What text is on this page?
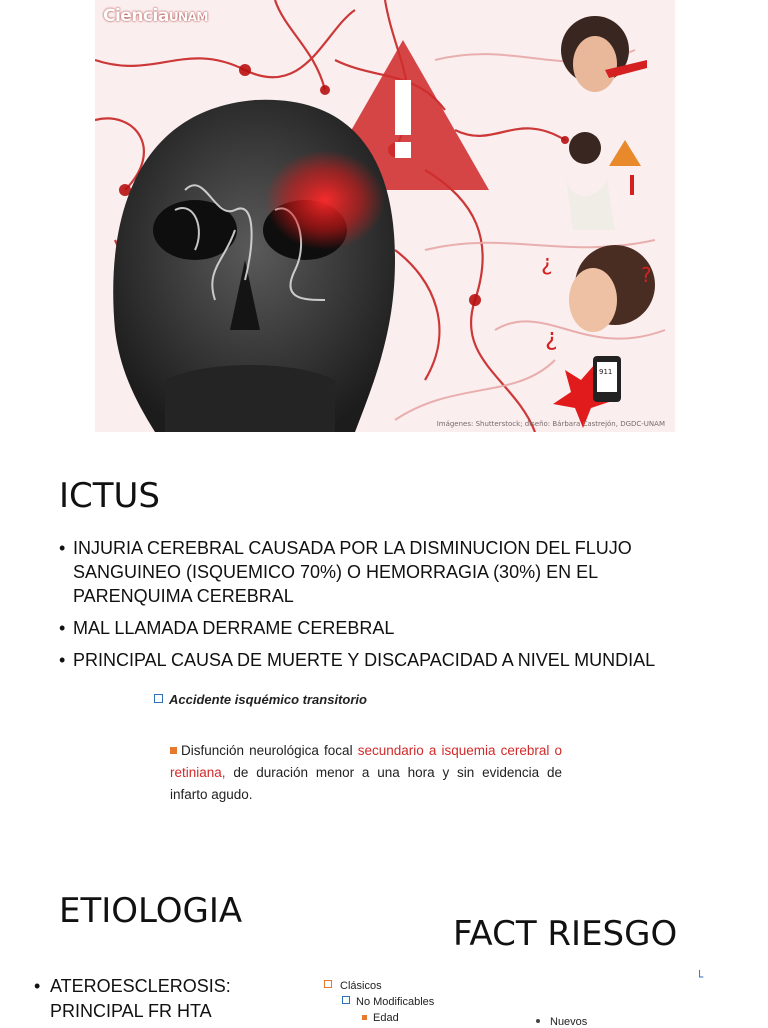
¿	?
¿
911
CienciaUNAM
Imágenes: Shutterstock; diseño: Bárbara Castrejón, DGDC-UNAM
ICTUS
• INJURIA CEREBRAL CAUSADA POR LA DISMINUCION DEL FLUJO SANGUINEO (ISQUEMICO 70%) O HEMORRAGIA (30%) EN EL PARENQUIMA CEREBRAL
• MAL LLAMADA DERRAME CEREBRAL
• PRINCIPAL CAUSA DE MUERTE Y DISCAPACIDAD A NIVEL MUNDIAL
Accidente isquémico transitorio
Disfunción neurológica focal secundario a isquemia cerebral o retiniana, de duración menor a una hora y sin evidencia de infarto agudo.
ETIOLOGIA
• ATEROESCLEROSIS: PRINCIPAL FR HTA
FACT RIESGO
Clásicos
No Modificables
Edad	Nuevos
└
